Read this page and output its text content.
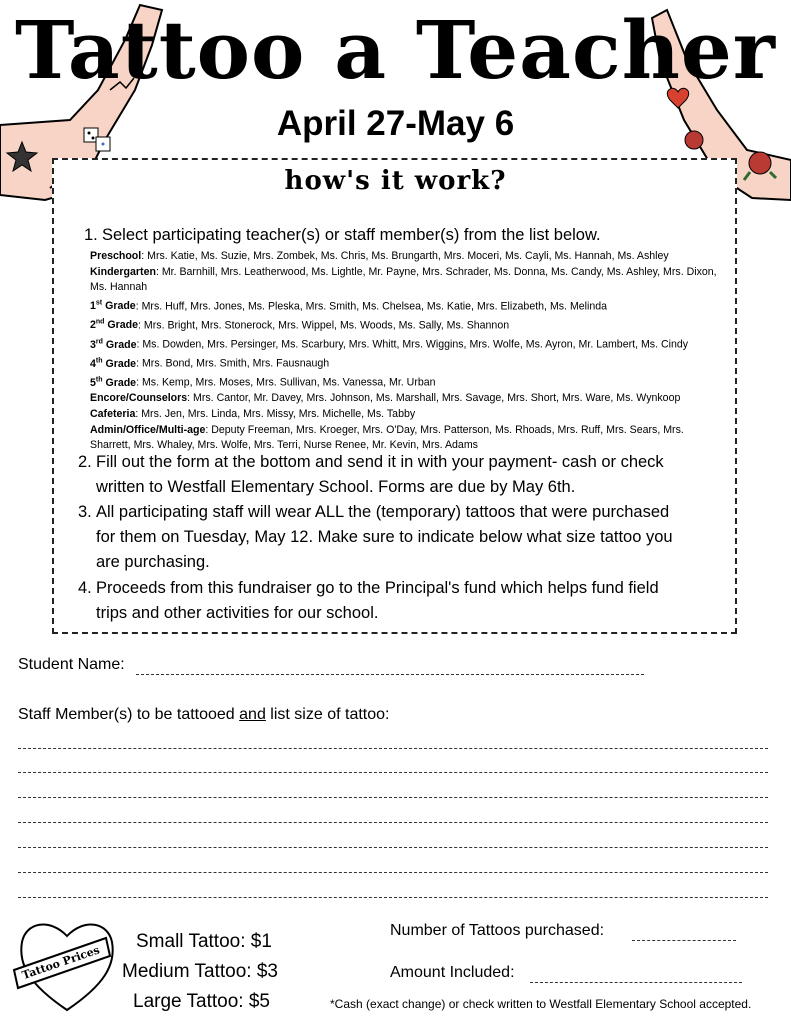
Tattoo a Teacher
April 27-May 6
how's it work?
1. Select participating teacher(s) or staff member(s) from the list below.
Preschool: Mrs. Katie, Ms. Suzie, Mrs. Zombek, Ms. Chris, Ms. Brungarth, Mrs. Moceri, Ms. Cayli, Ms. Hannah, Ms. Ashley
Kindergarten: Mr. Barnhill, Mrs. Leatherwood, Ms. Lightle, Mr. Payne, Mrs. Schrader, Ms. Donna, Ms. Candy, Ms. Ashley, Mrs. Dixon, Ms. Hannah
1st Grade: Mrs. Huff, Mrs. Jones, Ms. Pleska, Mrs. Smith, Ms. Chelsea, Ms. Katie, Mrs. Elizabeth, Ms. Melinda
2nd Grade: Mrs. Bright, Mrs. Stonerock, Mrs. Wippel, Ms. Woods, Ms. Sally, Ms. Shannon
3rd Grade: Ms. Dowden, Mrs. Persinger, Ms. Scarbury, Mrs. Whitt, Mrs. Wiggins, Mrs. Wolfe, Ms. Ayron, Mr. Lambert, Ms. Cindy
4th Grade: Mrs. Bond, Mrs. Smith, Mrs. Fausnaugh
5th Grade: Ms. Kemp, Mrs. Moses, Mrs. Sullivan, Ms. Vanessa, Mr. Urban
Encore/Counselors: Mrs. Cantor, Mr. Davey, Mrs. Johnson, Ms. Marshall, Mrs. Savage, Mrs. Short, Mrs. Ware, Ms. Wynkoop
Cafeteria: Mrs. Jen, Mrs. Linda, Mrs. Missy, Mrs. Michelle, Ms. Tabby
Admin/Office/Multi-age: Deputy Freeman, Mrs. Kroeger, Mrs. O'Day, Mrs. Patterson, Ms. Rhoads, Mrs. Ruff, Mrs. Sears, Mrs. Sharrett, Mrs. Whaley, Mrs. Wolfe, Mrs. Terri, Nurse Renee, Mr. Kevin, Mrs. Adams
2. Fill out the form at the bottom and send it in with your payment- cash or check
written to Westfall Elementary School. Forms are due by May 6th.
3. All participating staff will wear ALL the (temporary) tattoos that were purchased
for them on Tuesday, May 12. Make sure to indicate below what size tattoo you
are purchasing.
4. Proceeds from this fundraiser go to the Principal's fund which helps fund field
trips and other activities for our school.
Student Name:
Staff Member(s) to be tattooed and list size of tattoo:
Tattoo Prices
Small Tattoo: $1
Medium Tattoo: $3
Large Tattoo: $5
Number of Tattoos purchased:
Amount Included:
*Cash (exact change) or check written to Westfall Elementary School accepted.
